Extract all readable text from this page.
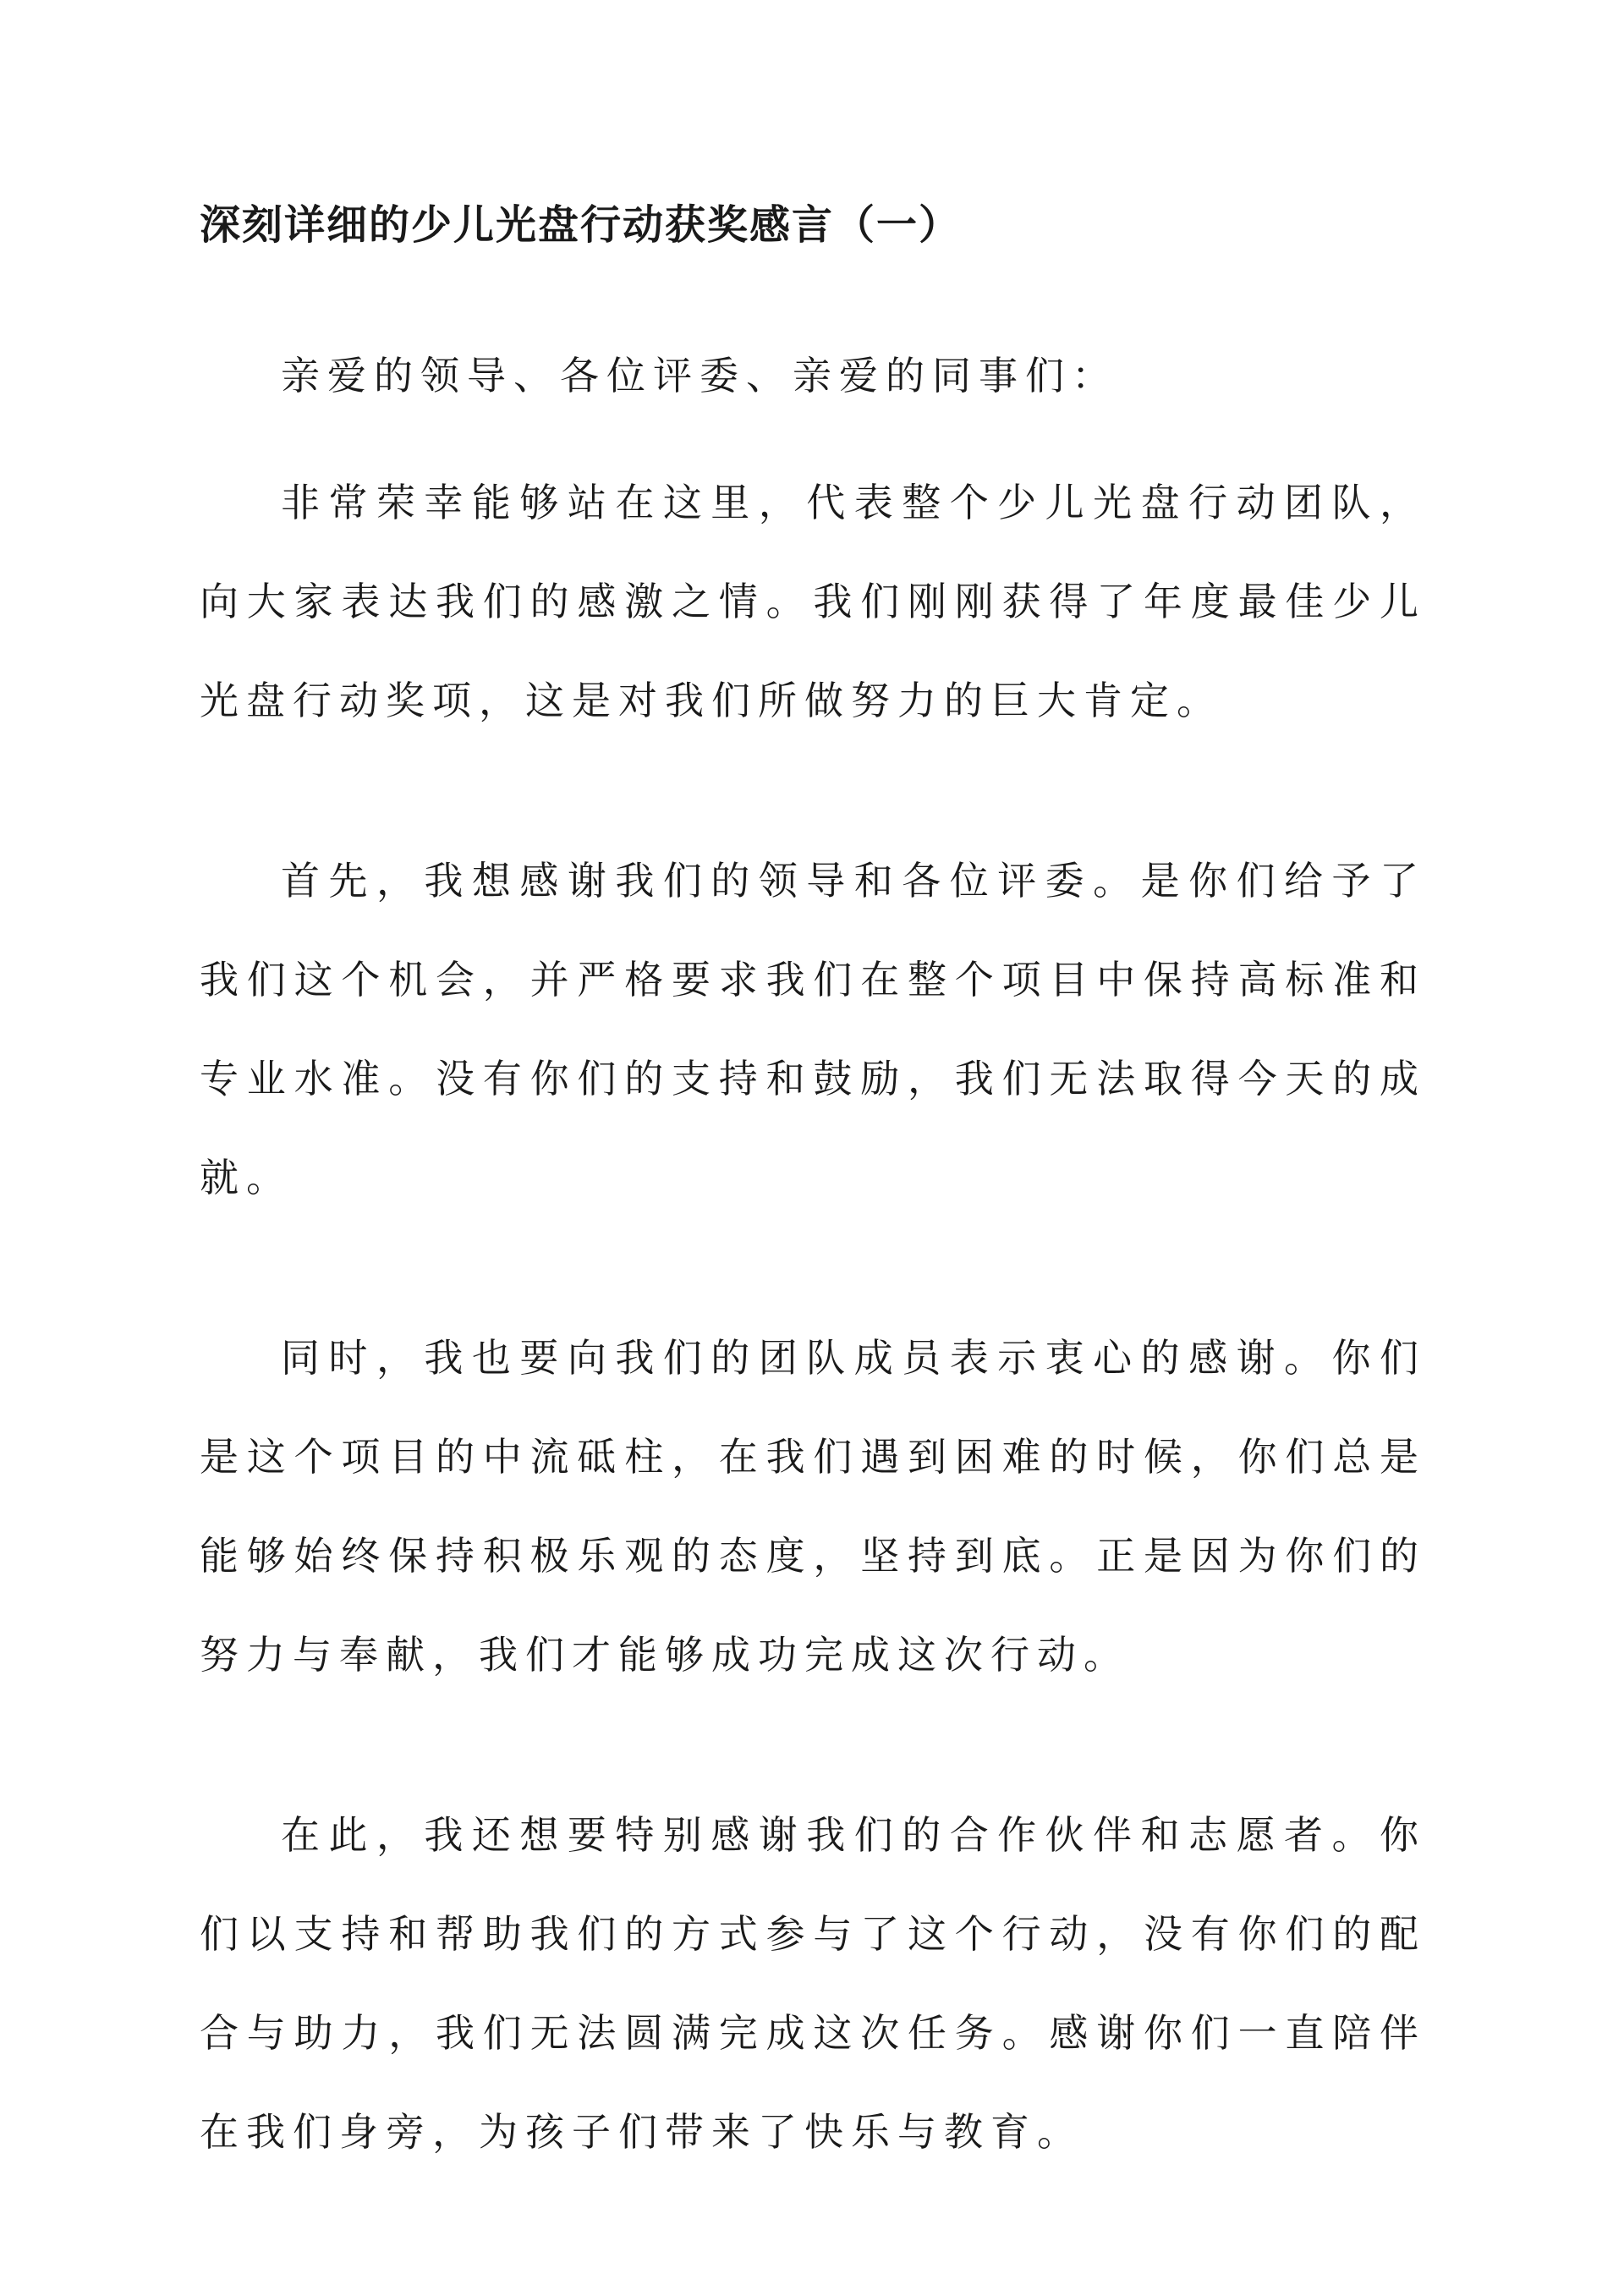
深刻详细的少儿光盘行动获奖感言（一）

亲爱的领导、各位评委、亲爱的同事们：

非常荣幸能够站在这里，代表整个少儿光盘行动团队，向大家表达我们的感激之情。我们刚刚获得了年度最佳少儿光盘行动奖项，这是对我们所做努力的巨大肯定。

首先，我想感谢我们的领导和各位评委。是你们给予了我们这个机会，并严格要求我们在整个项目中保持高标准和专业水准。没有你们的支持和鼓励，我们无法取得今天的成就。

同时，我也要向我们的团队成员表示衷心的感谢。你们是这个项目的中流砥柱，在我们遇到困难的时候，你们总是能够始终保持积极乐观的态度，坚持到底。正是因为你们的努力与奉献，我们才能够成功完成这次行动。

在此，我还想要特别感谢我们的合作伙伴和志愿者。你们以支持和帮助我们的方式参与了这个行动，没有你们的配合与助力，我们无法圆满完成这次任务。感谢你们一直陪伴在我们身旁，为孩子们带来了快乐与教育。
